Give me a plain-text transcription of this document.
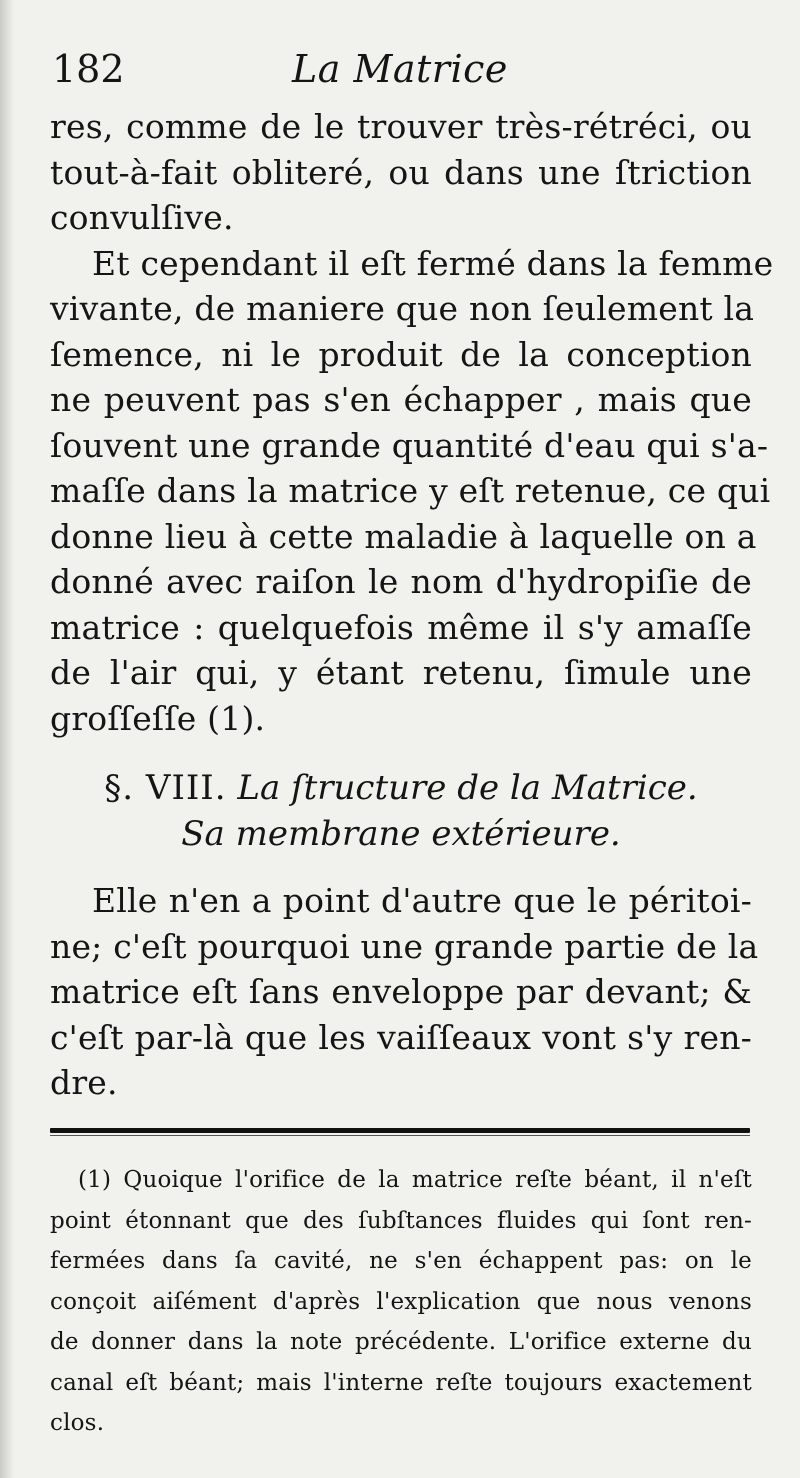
182	La Matrice
res, comme de le trouver très-rétréci, ou
tout-à-fait obliteré, ou dans une ſtriction
convulſive.
Et cependant il eſt fermé dans la femme
vivante, de maniere que non ſeulement la
ſemence, ni le produit de la conception
ne peuvent pas s'en échapper , mais que
ſouvent une grande quantité d'eau qui s'a-
maſſe dans la matrice y eſt retenue, ce qui
donne lieu à cette maladie à laquelle on a
donné avec raiſon le nom d'hydropiſie de
matrice : quelquefois même il s'y amaſſe
de l'air qui, y étant retenu, ſimule une
groſſeſſe (1).
§. VIII. La ſtructure de la Matrice.
Sa membrane extérieure.
Elle n'en a point d'autre que le péritoi-
ne; c'eſt pourquoi une grande partie de la
matrice eſt ſans enveloppe par devant; &
c'eſt par-là que les vaiſſeaux vont s'y ren-
dre.
(1) Quoique l'orifice de la matrice reſte béant, il n'eſt
point étonnant que des ſubſtances fluides qui ſont ren-
fermées dans ſa cavité, ne s'en échappent pas: on le
conçoit aiſément d'après l'explication que nous venons
de donner dans la note précédente. L'orifice externe du
canal eſt béant; mais l'interne reſte toujours exactement
clos.
